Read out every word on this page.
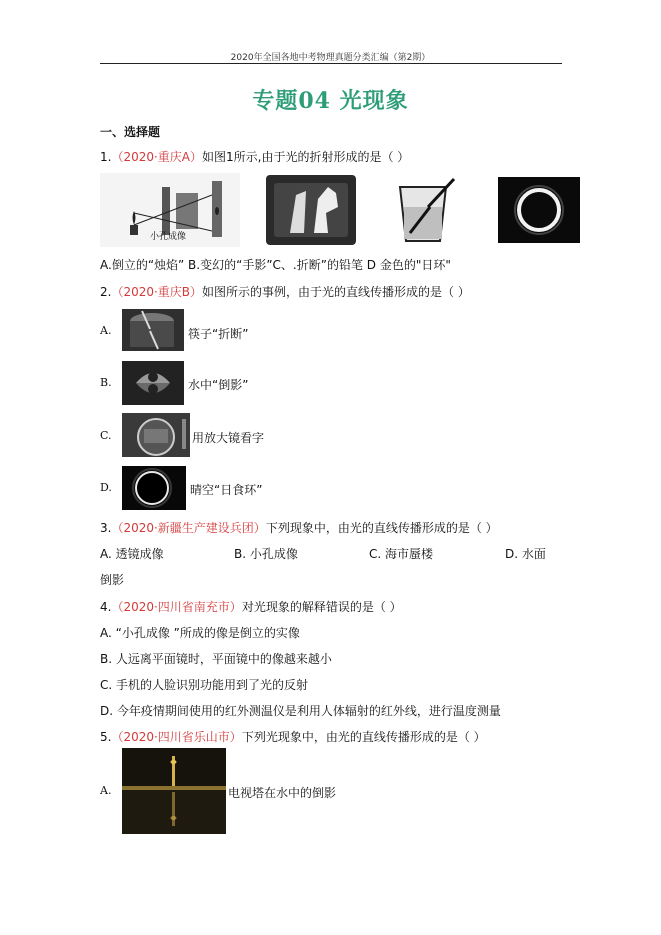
2020年全国各地中考物理真题分类汇编（第2期）
专题04 光现象
一、选择题
1.（2020·重庆A）如图1所示,由于光的折射形成的是（ ）
小孔成像
A.倒立的“烛焰” B.变幻的“手影”C、.折断”的铅笔 D 金色的"日环"
2.（2020·重庆B）如图所示的事例，由于光的直线传播形成的是（ ）
A.	筷子“折断”
B.	水中“倒影”
C.	用放大镜看字
D.	晴空“日食环”
3.（2020·新疆生产建设兵团）下列现象中，由光的直线传播形成的是（ ）
A. 透镜成像	B. 小孔成像	C. 海市蜃楼	D. 水面
倒影
4.（2020·四川省南充市）对光现象的解释错误的是（ ）
A. “小孔成像 ”所成的像是倒立的实像
B. 人远离平面镜时，平面镜中的像越来越小
C. 手机的人脸识别功能用到了光的反射
D. 今年疫情期间使用的红外测温仪是利用人体辐射的红外线，进行温度测量
5.（2020·四川省乐山市）下列光现象中，由光的直线传播形成的是（ ）
A.	电视塔在水中的倒影
